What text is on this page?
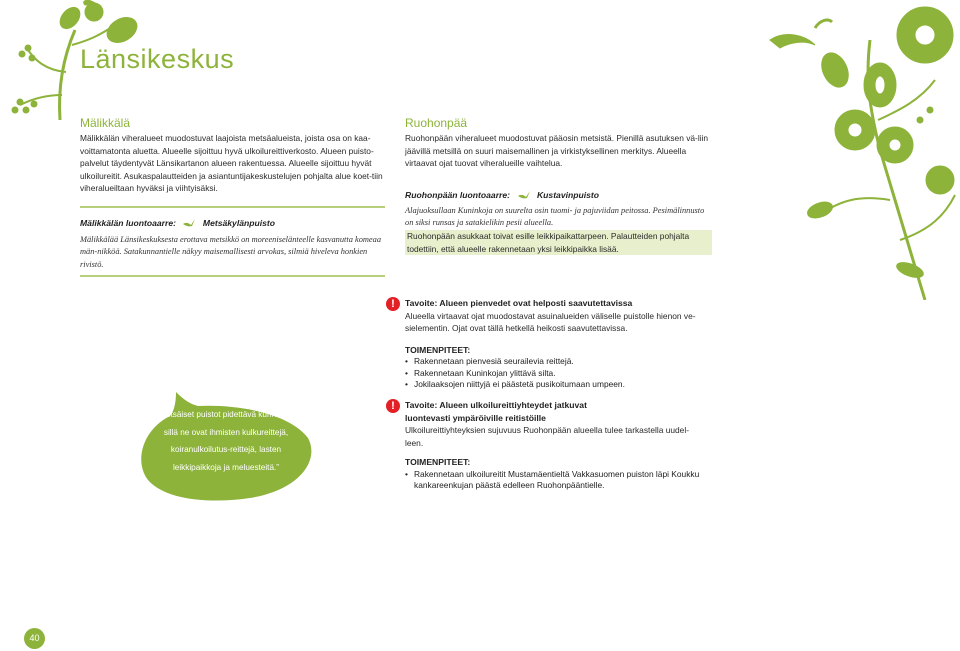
Länsikeskus
Mälikkälä

Mälikkälän viheralueet muodostuvat laajoista metsäalueista, joista osa on kaa-voittamatonta aluetta. Alueelle sijoittuu hyvä ulkoilureittiverkosto. Alueen puisto-palvelut täydentyvät Länsikartanon alueen rakentuessa. Alueelle sijoittuu hyvät ulkoilureitit. Asukaspalautteiden ja asiantuntijakeskustelujen pohjalta alue koet-tiin viheralueiltaan hyväksi ja viihtyisäksi.

Mälikkälän luontoaarre:	Metsäkylänpuisto

Mälikkälää Länsikeskuksesta erottava metsikkö on moreeniselänteelle kasvanutta komeaa män-nikköä. Satakunnantielle näkyy maisemallisesti arvokas, silmiä hiveleva honkien rivistö.

Ruohonpää

Ruohonpään viheralueet muodostuvat pääosin metsistä. Pienillä asutuksen vä-liin jäävillä metsillä on suuri maisemallinen ja virkistyksellinen merkitys. Alueella virtaavat ojat tuovat viheralueille vaihtelua.

Ruohonpään luontoaarre:	Kustavinpuisto

Alajuoksullaan Kuninkoja on suurelta osin tuomi- ja pajuviidan peitossa. Pesimälinnusto on siksi runsas ja satakielikin pesii alueella.

Ruohonpään asukkaat toivat esille leikkipaikattarpeen. Palautteiden pohjalta todettiin, että alueelle rakennetaan yksi leikkipaikka lisää.

!	Tavoite: Alueen pienvedet ovat helposti saavutettavissa

Alueella virtaavat ojat muodostavat asuinalueiden väliselle puistolle hienon ve-sielementin. Ojat ovat tällä hetkellä heikosti saavutettavissa.

TOIMENPITEET:
• Rakennetaan pienvesiä seurailevia reittejä.
• Rakennetaan Kuninkojan ylittävä silta.
• Jokilaaksojen niittyjä ei päästetä pusikoitumaan umpeen.
!	Tavoite: Alueen ulkoilureittiyhteydet jatkuvat luontevasti ympäröiville reitistöille

Ulkoilureittiyhteyksien sujuvuus Ruohonpään alueella tulee tarkastella uudel-leen.

TOIMENPITEET:
• Rakennetaan ulkoilureitit Mustamäentieltä Vakkasuomen puiston läpi Koukku kankareenkujan päästä edelleen Ruohonpääntielle.
”Metsäiset puistot pidettävä kunnossa, sillä ne ovat ihmisten kulkureittejä, koiranulkoilutus-reittejä, lasten leikkipaikkoja ja meluesteitä.”
40
